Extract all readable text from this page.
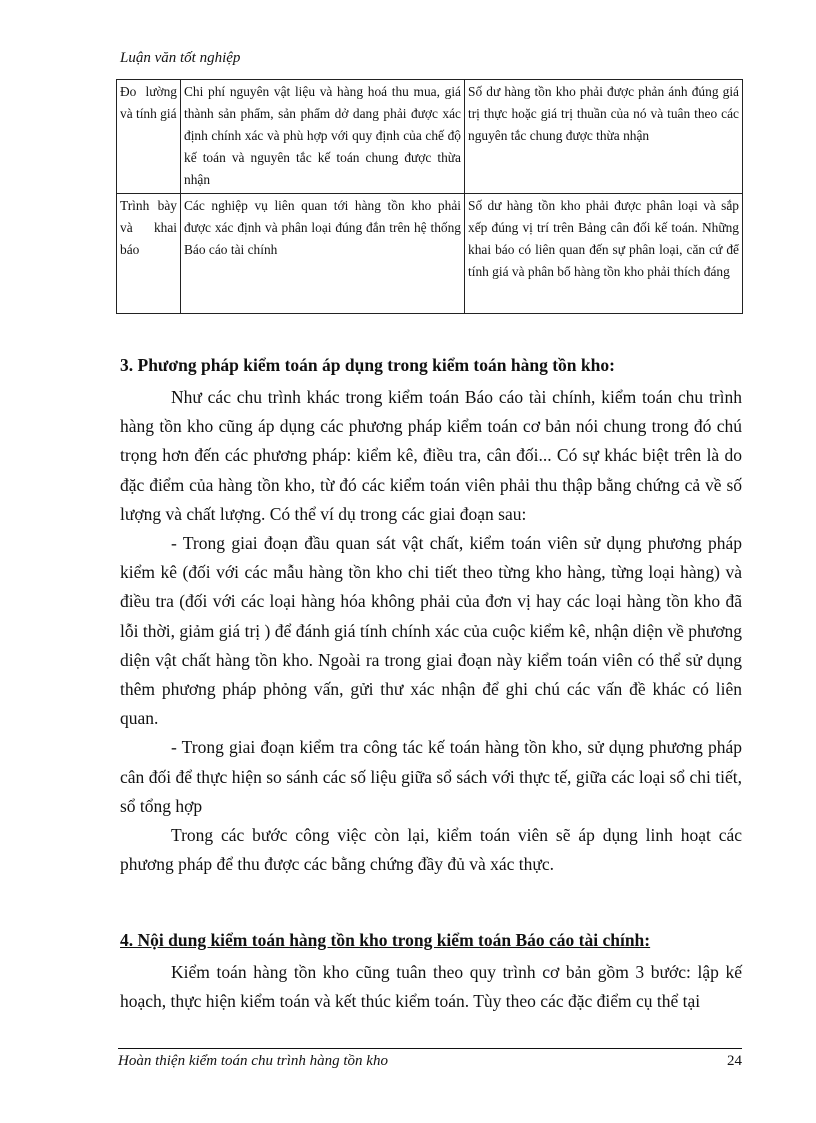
Luận văn tốt nghiệp
Đo lường và tính giá	Chi phí nguyên vật liệu và hàng hoá thu mua, giá thành sản phẩm, sản phẩm dở dang phải được xác định chính xác và phù hợp với quy định của chế độ kế toán và nguyên tắc kế toán chung được thừa nhận	Số dư hàng tồn kho phải được phản ánh đúng giá trị thực hoặc giá trị thuần của nó và tuân theo các nguyên tắc chung được thừa nhận
Trình bày và khai báo	Các nghiệp vụ liên quan tới hàng tồn kho phải được xác định và phân loại đúng đắn trên hệ thống Báo cáo tài chính	Số dư hàng tồn kho phải được phân loại và sắp xếp đúng vị trí trên Bảng cân đối kế toán. Những khai báo có liên quan đến sự phân loại, căn cứ để tính giá và phân bổ hàng tồn kho phải thích đáng
3. Phương pháp kiểm toán áp dụng trong kiểm toán hàng tồn kho:

Như các chu trình khác trong kiểm toán Báo cáo tài chính, kiểm toán chu trình hàng tồn kho cũng áp dụng các phương pháp kiểm toán cơ bản nói chung trong đó chú trọng hơn đến các phương pháp: kiểm kê, điều tra, cân đối... Có sự khác biệt trên là do đặc điểm của hàng tồn kho, từ đó các kiểm toán viên phải thu thập bằng chứng cả về số lượng và chất lượng. Có thể ví dụ trong các giai đoạn sau:

- Trong giai đoạn đầu quan sát vật chất, kiểm toán viên sử dụng phương pháp kiểm kê (đối với các mẫu hàng tồn kho chi tiết theo từng kho hàng, từng loại hàng) và điều tra (đối với các loại hàng hóa không phải của đơn vị hay các loại hàng tồn kho đã lỗi thời, giảm giá trị ) để đánh giá tính chính xác của cuộc kiểm kê, nhận diện về phương diện vật chất hàng tồn kho. Ngoài ra trong giai đoạn này kiểm toán viên có thể sử dụng thêm phương pháp phỏng vấn, gửi thư xác nhận để ghi chú các vấn đề khác có liên quan.

- Trong giai đoạn kiểm tra công tác kế toán hàng tồn kho, sử dụng phương pháp cân đối để thực hiện so sánh các số liệu giữa sổ sách với thực tế, giữa các loại sổ chi tiết, sổ tổng hợp

Trong các bước công việc còn lại, kiểm toán viên sẽ áp dụng linh hoạt các phương pháp để thu được các bằng chứng đầy đủ và xác thực.

4. Nội dung kiểm toán hàng tồn kho trong kiểm toán Báo cáo tài chính:

Kiểm toán hàng tồn kho cũng tuân theo quy trình cơ bản gồm 3 bước: lập kế hoạch, thực hiện kiểm toán và kết thúc kiểm toán. Tùy theo các đặc điểm cụ thể tại

Hoàn thiện kiểm toán chu trình hàng tồn kho	24
